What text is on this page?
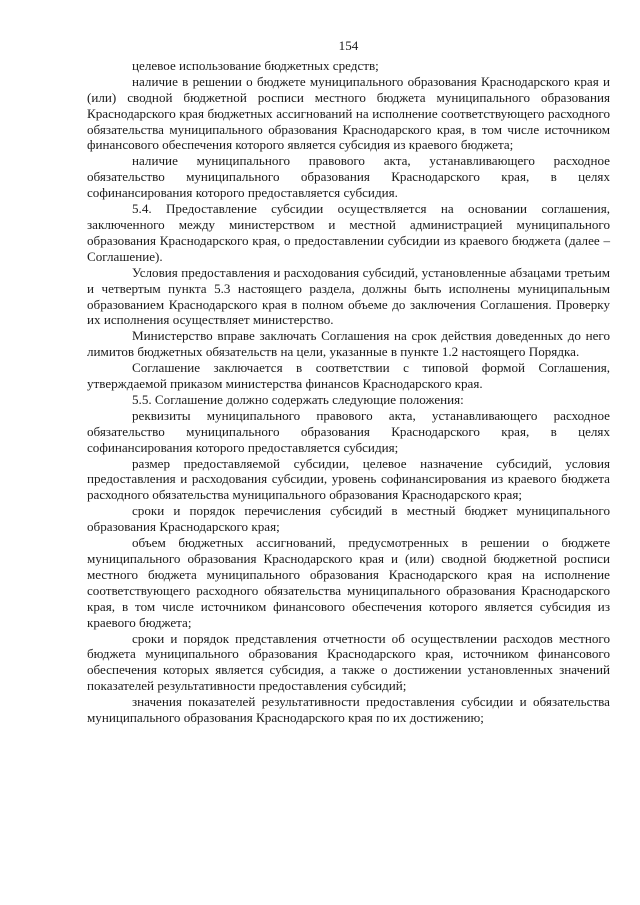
154

целевое использование бюджетных средств;

наличие в решении о бюджете муниципального образования Краснодарского края и (или) сводной бюджетной росписи местного бюджета муниципального образования Краснодарского края бюджетных ассигнований на исполнение соответствующего расходного обязательства муниципального образования Краснодарского края, в том числе источником финансового обеспечения которого является субсидия из краевого бюджета;

наличие муниципального правового акта, устанавливающего расходное обязательство муниципального образования Краснодарского края, в целях софинансирования которого предоставляется субсидия.

5.4. Предоставление субсидии осуществляется на основании соглашения, заключенного между министерством и местной администрацией муниципального образования Краснодарского края, о предоставлении субсидии из краевого бюджета (далее – Соглашение).

Условия предоставления и расходования субсидий, установленные абзацами третьим и четвертым пункта 5.3 настоящего раздела, должны быть исполнены муниципальным образованием Краснодарского края в полном объеме до заключения Соглашения. Проверку их исполнения осуществляет министерство.

Министерство вправе заключать Соглашения на срок действия доведенных до него лимитов бюджетных обязательств на цели, указанные в пункте 1.2 настоящего Порядка.

Соглашение заключается в соответствии с типовой формой Соглашения, утверждаемой приказом министерства финансов Краснодарского края.

5.5. Соглашение должно содержать следующие положения:

реквизиты муниципального правового акта, устанавливающего расходное обязательство муниципального образования Краснодарского края, в целях софинансирования которого предоставляется субсидия;

размер предоставляемой субсидии, целевое назначение субсидий, условия предоставления и расходования субсидии, уровень софинансирования из краевого бюджета расходного обязательства муниципального образования Краснодарского края;

сроки и порядок перечисления субсидий в местный бюджет муниципального образования Краснодарского края;

объем бюджетных ассигнований, предусмотренных в решении о бюджете муниципального образования Краснодарского края и (или) сводной бюджетной росписи местного бюджета муниципального образования Краснодарского края на исполнение соответствующего расходного обязательства муниципального образования Краснодарского края, в том числе источником финансового обеспечения которого является субсидия из краевого бюджета;

сроки и порядок представления отчетности об осуществлении расходов местного бюджета муниципального образования Краснодарского края, источником финансового обеспечения которых является субсидия, а также о достижении установленных значений показателей результативности предоставления субсидий;

значения показателей результативности предоставления субсидии и обязательства муниципального образования Краснодарского края по их достижению;
